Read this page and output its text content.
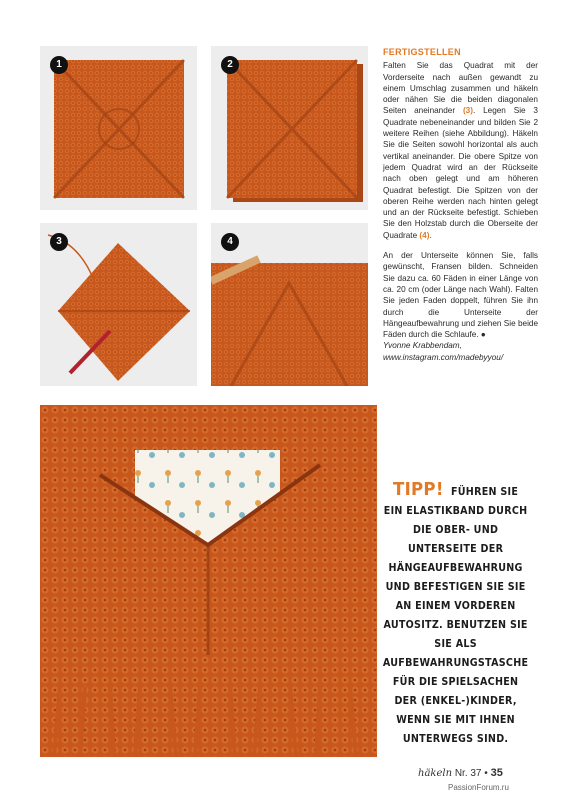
1	2
3	4
FERTIGSTELLEN

Falten Sie das Quadrat mit der Vorderseite nach außen gewandt zu einem Umschlag zusammen und häkeln oder nähen Sie die beiden diagonalen Seiten aneinander (3). Legen Sie 3 Quadrate nebeneinander und bilden Sie 2 weitere Reihen (siehe Abbildung). Häkeln Sie die Seiten sowohl horizontal als auch vertikal aneinander. Die obere Spitze von jedem Quadrat wird an der Rückseite nach oben gelegt und am höheren Quadrat befestigt. Die Spitzen von der oberen Reihe werden nach hinten gelegt und an der Rückseite befestigt. Schieben Sie den Holzstab durch die Oberseite der Quadrate (4).

An der Unterseite können Sie, falls gewünscht, Fransen bilden. Schneiden Sie dazu ca. 60 Fäden in einer Länge von ca. 20 cm (oder Länge nach Wahl). Falten Sie jeden Faden doppelt, führen Sie ihn durch die Unterseite der Hängeaufbewahrung und ziehen Sie beide Fäden durch die Schlaufe. ●
Yvonne Krabbendam,
www.instagram.com/madebyyou/

TIPP! FÜHREN SIE EIN ELASTIKBAND DURCH DIE OBER- UND UNTERSEITE DER HÄNGEAUFBEWAHRUNG UND BEFESTIGEN SIE SIE AN EINEM VORDEREN AUTOSITZ. BENUTZEN SIE SIE ALS AUFBEWAHRUNGSTASCHE FÜR DIE SPIELSACHEN DER (ENKEL-)KINDER, WENN SIE MIT IHNEN UNTERWEGS SIND.
häkeln Nr. 37 • 35
PassionForum.ru
